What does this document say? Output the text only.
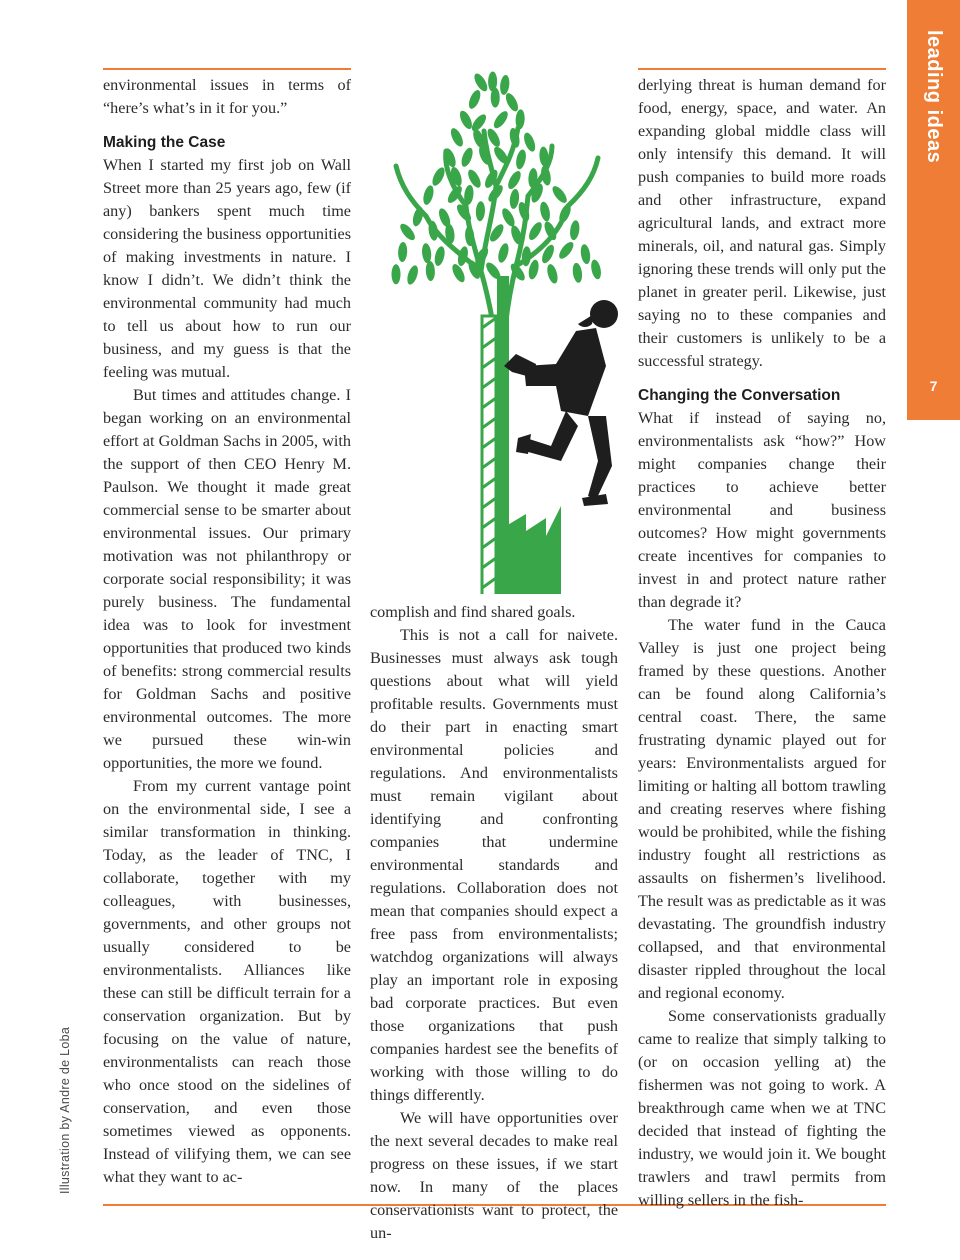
leading ideas
7
Illustration by Andre de Loba

environmental issues in terms of “here’s what’s in it for you.”

Making the Case

When I started my first job on Wall Street more than 25 years ago, few (if any) bankers spent much time considering the business opportunities of making investments in nature. I know I didn’t. We didn’t think the environmental community had much to tell us about how to run our business, and my guess is that the feeling was mutual.

But times and attitudes change. I began working on an environmental effort at Goldman Sachs in 2005, with the support of then CEO Henry M. Paulson. We thought it made great commercial sense to be smarter about environmental issues. Our primary motivation was not philanthropy or corporate social responsibility; it was purely business. The fundamental idea was to look for investment opportunities that produced two kinds of benefits: strong commercial results for Goldman Sachs and positive environmental outcomes. The more we pursued these win-win opportunities, the more we found.

From my current vantage point on the environmental side, I see a similar transformation in thinking. Today, as the leader of TNC, I collaborate, together with my colleagues, with businesses, governments, and other groups not usually considered to be environmentalists. Alliances like these can still be difficult terrain for a conservation organization. But by focusing on the value of nature, environmentalists can reach those who once stood on the sidelines of conservation, and even those sometimes viewed as opponents. Instead of vilifying them, we can see what they want to ac-

complish and find shared goals.

This is not a call for naivete. Businesses must always ask tough questions about what will yield profitable results. Governments must do their part in enacting smart environmental policies and regulations. And environmentalists must remain vigilant about identifying and confronting companies that undermine environmental standards and regulations. Collaboration does not mean that companies should expect a free pass from environmentalists; watchdog organizations will always play an important role in exposing bad corporate practices. But even those organizations that push companies hardest see the benefits of working with those willing to do things differently.

We will have opportunities over the next several decades to make real progress on these issues, if we start now. In many of the places conservationists want to protect, the un-

derlying threat is human demand for food, energy, space, and water. An expanding global middle class will only intensify this demand. It will push companies to build more roads and other infrastructure, expand agricultural lands, and extract more minerals, oil, and natural gas. Simply ignoring these trends will only put the planet in greater peril. Likewise, just saying no to these companies and their customers is unlikely to be a successful strategy.

Changing the Conversation

What if instead of saying no, environmentalists ask “how?” How might companies change their practices to achieve better environmental and business outcomes? How might governments create incentives for companies to invest in and protect nature rather than degrade it?

The water fund in the Cauca Valley is just one project being framed by these questions. Another can be found along California’s central coast. There, the same frustrating dynamic played out for years: Environmentalists argued for limiting or halting all bottom trawling and creating reserves where fishing would be prohibited, while the fishing industry fought all restrictions as assaults on fishermen’s livelihood. The result was as predictable as it was devastating. The groundfish industry collapsed, and that environmental disaster rippled throughout the local and regional economy.

Some conservationists gradually came to realize that simply talking to (or on occasion yelling at) the fishermen was not going to work. A breakthrough came when we at TNC decided that instead of fighting the industry, we would join it. We bought trawlers and trawl permits from willing sellers in the fish-
